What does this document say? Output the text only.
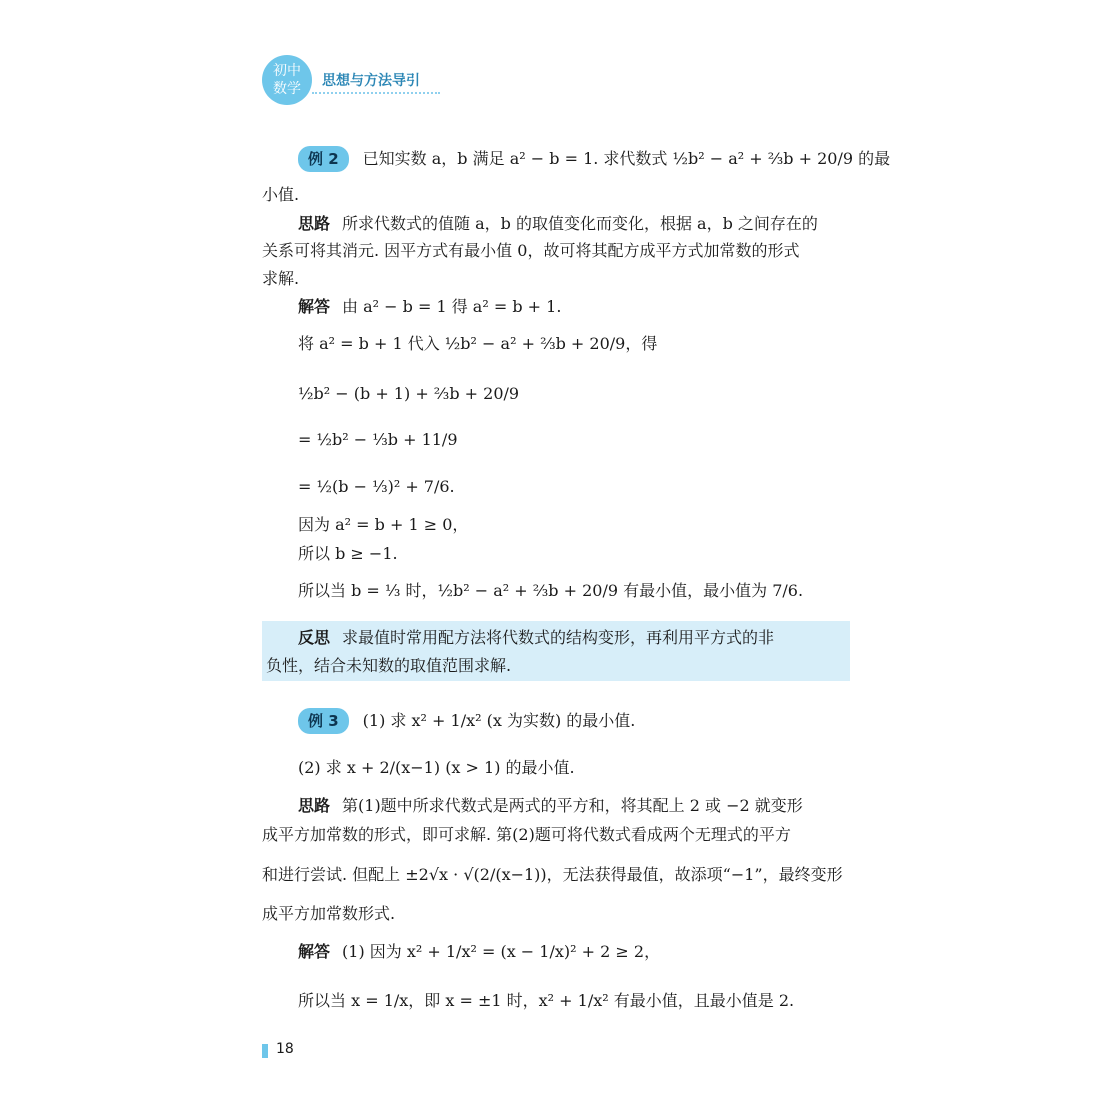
初中
数学	思想与方法导引
例 2 已知实数 a，b 满足 a² − b = 1. 求代数式 ½b² − a² + ⅔b + 20/9 的最
小值.
思路 所求代数式的值随 a，b 的取值变化而变化，根据 a，b 之间存在的
关系可将其消元. 因平方式有最小值 0，故可将其配方成平方式加常数的形式
求解.
解答 由 a² − b = 1 得 a² = b + 1.
将 a² = b + 1 代入 ½b² − a² + ⅔b + 20/9，得
½b² − (b + 1) + ⅔b + 20/9
= ½b² − ⅓b + 11/9
= ½(b − ⅓)² + 7/6.
因为 a² = b + 1 ≥ 0，
所以 b ≥ −1.
所以当 b = ⅓ 时，½b² − a² + ⅔b + 20/9 有最小值，最小值为 7/6.
反思 求最值时常用配方法将代数式的结构变形，再利用平方式的非
负性，结合未知数的取值范围求解.
例 3 (1) 求 x² + 1/x² (x 为实数) 的最小值.
(2) 求 x + 2/(x−1) (x > 1) 的最小值.
思路 第(1)题中所求代数式是两式的平方和，将其配上 2 或 −2 就变形
成平方加常数的形式，即可求解. 第(2)题可将代数式看成两个无理式的平方
和进行尝试. 但配上 ±2√x · √(2/(x−1))，无法获得最值，故添项“−1”，最终变形
成平方加常数形式.
解答 (1) 因为 x² + 1/x² = (x − 1/x)² + 2 ≥ 2，
所以当 x = 1/x，即 x = ±1 时，x² + 1/x² 有最小值，且最小值是 2.
18
